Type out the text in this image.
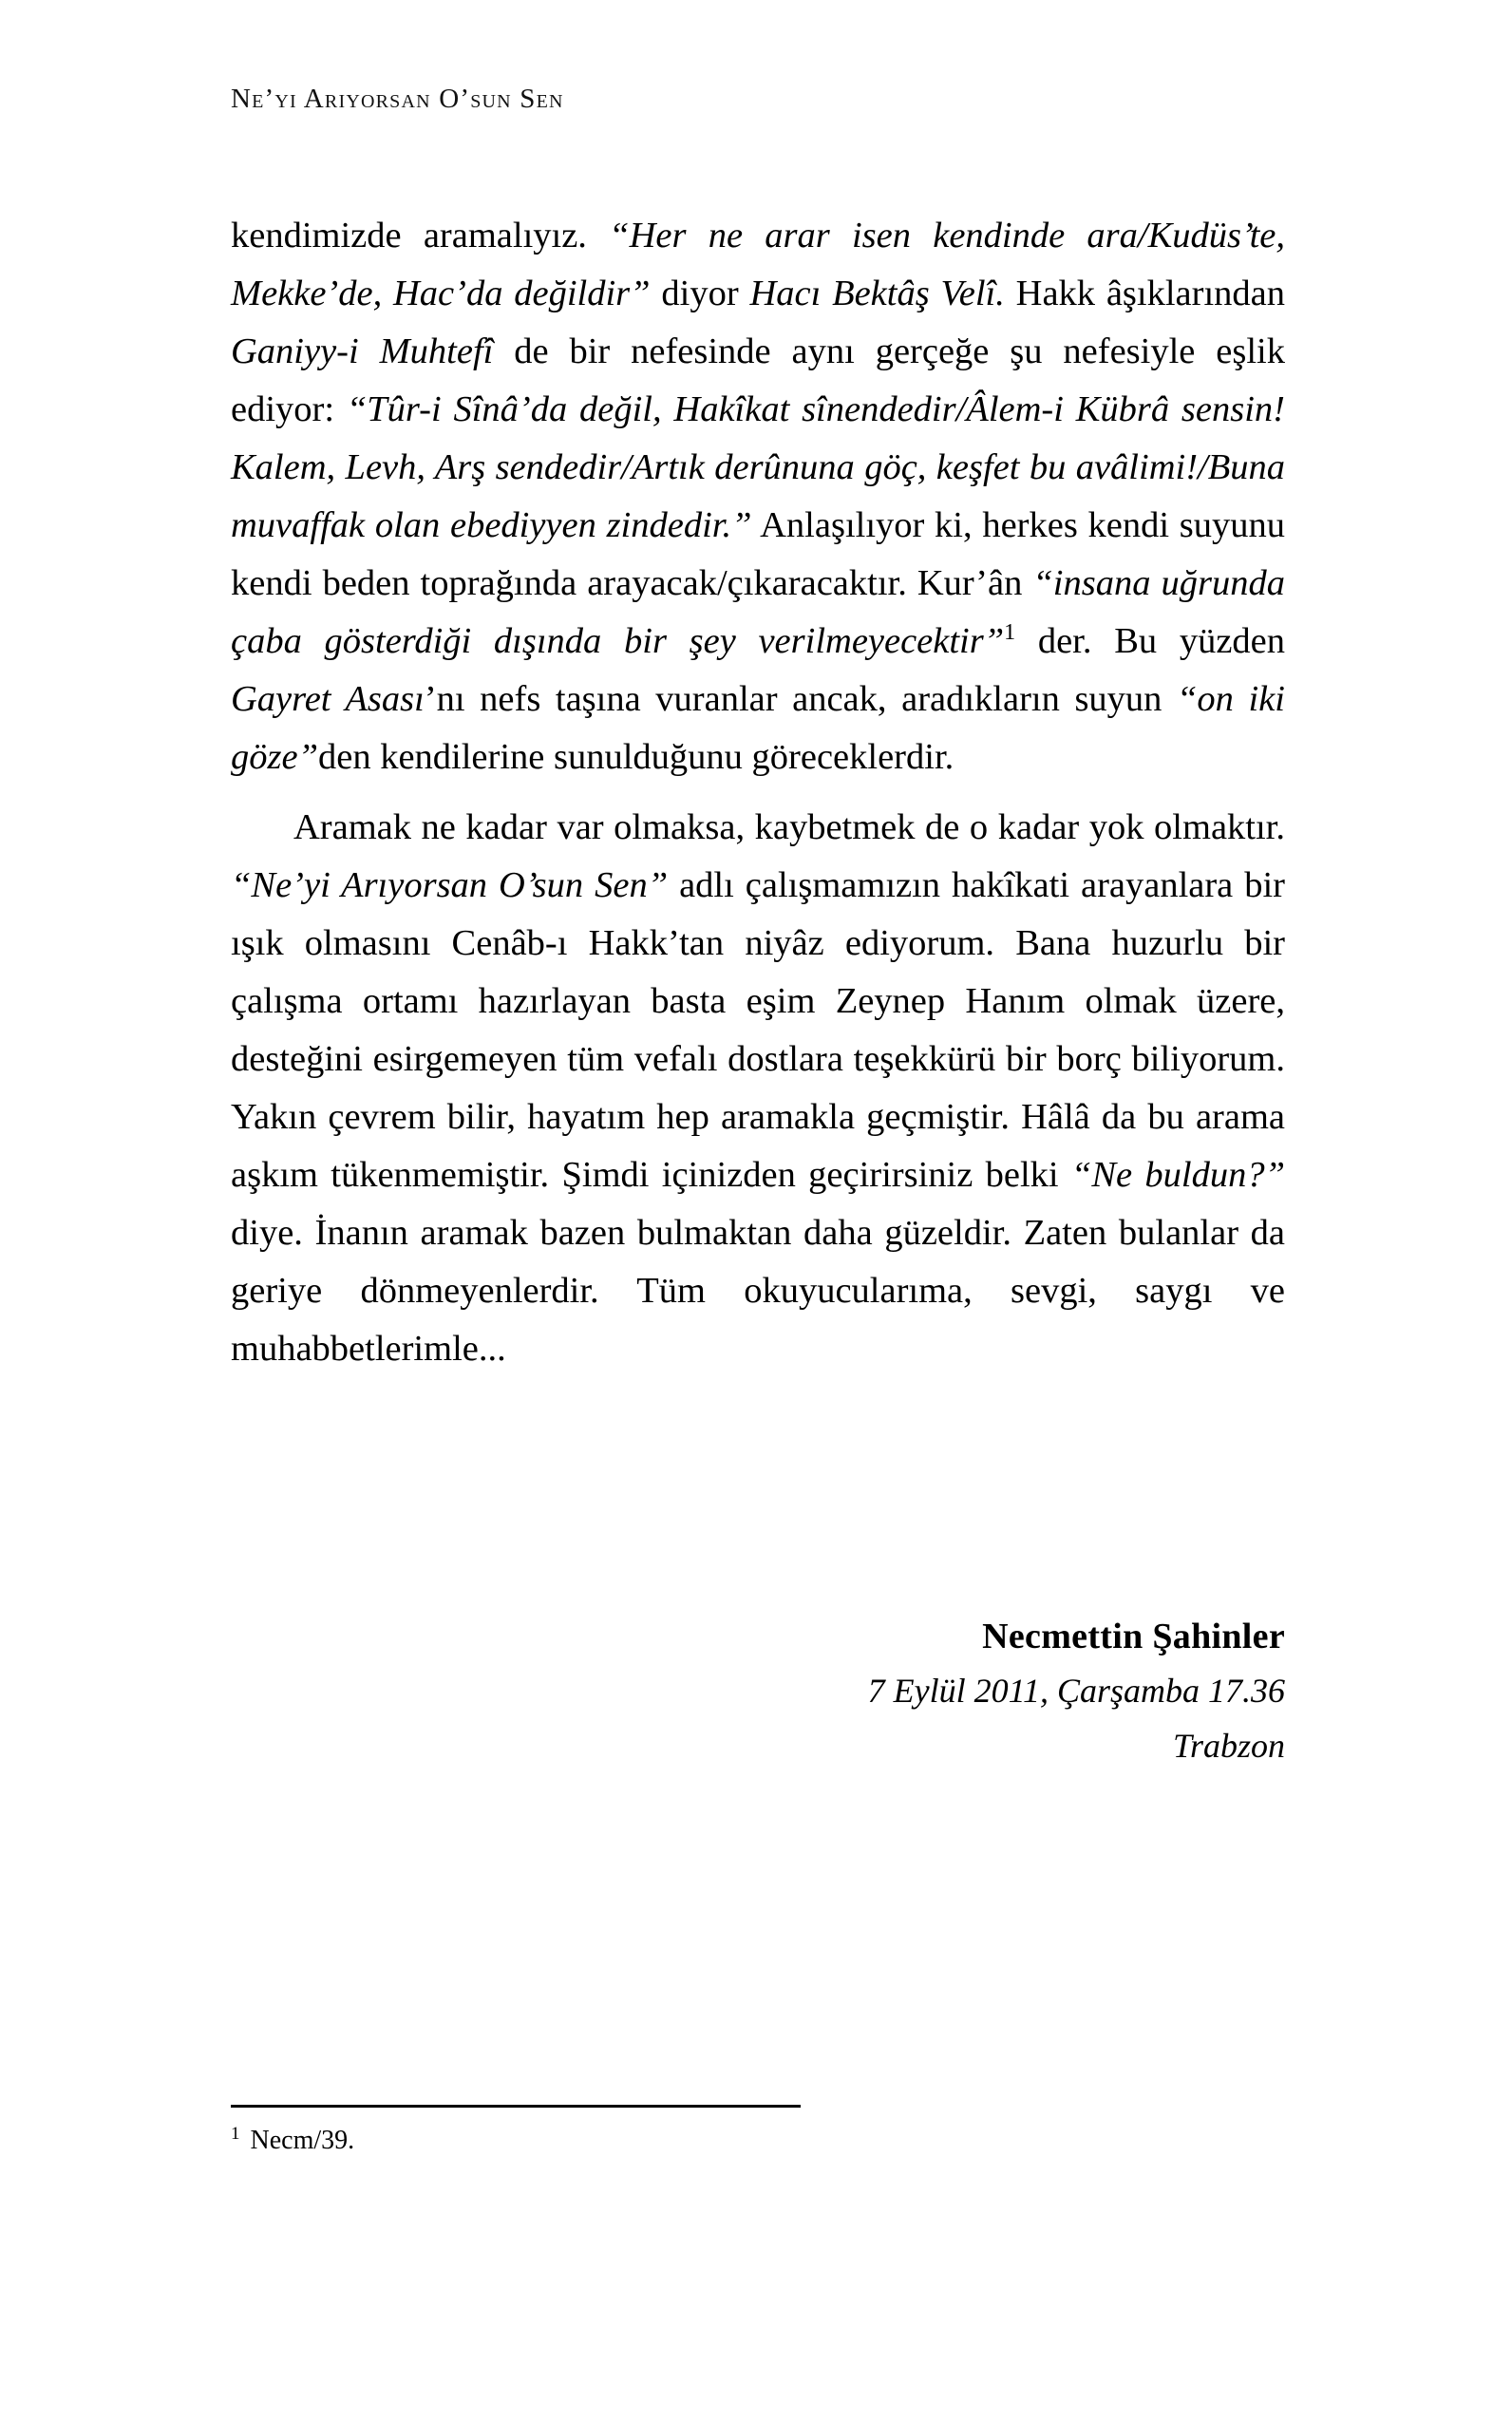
Ne’yi Arıyorsan O’sun Sen

kendimizde aramalıyız. “Her ne arar isen kendinde ara/Kudüs’te, Mekke’de, Hac’da değildir” diyor Hacı Bektâş Velî. Hakk âşıklarından Ganiyy-i Muhtefî de bir nefesinde aynı gerçeğe şu nefesiyle eşlik ediyor: “Tûr-i Sînâ’da değil, Hakîkat sînendedir/Âlem-i Kübrâ sensin! Kalem, Levh, Arş sendedir/Artık derûnuna göç, keşfet bu avâlimi!/Buna muvaffak olan ebediyyen zindedir.” Anlaşılıyor ki, herkes kendi suyunu kendi beden toprağında arayacak/çıkaracaktır. Kur’ân “insana uğrunda çaba gösterdiği dışında bir şey verilmeyecektir”$^1$ der. Bu yüzden Gayret Asası’nı nefs taşına vuranlar ancak, aradıkların suyun “on iki göze”den kendilerine sunulduğunu göreceklerdir.

Aramak ne kadar var olmaksa, kaybetmek de o kadar yok olmaktır. “Ne’yi Arıyorsan O’sun Sen” adlı çalışmamızın hakîkati arayanlara bir ışık olmasını Cenâb-ı Hakk’tan niyâz ediyorum. Bana huzurlu bir çalışma ortamı hazırlayan basta eşim Zeynep Hanım olmak üzere, desteğini esirgemeyen tüm vefalı dostlara teşekkürü bir borç biliyorum. Yakın çevrem bilir, hayatım hep aramakla geçmiştir. Hâlâ da bu arama aşkım tükenmemiştir. Şimdi içinizden geçirirsiniz belki “Ne buldun?” diye. İnanın aramak bazen bulmaktan daha güzeldir. Zaten bulanlar da geriye dönmeyenlerdir. Tüm okuyucularıma, sevgi, saygı ve muhabbetlerimle...

Necmettin Şahinler
7 Eylül 2011, Çarşamba 17.36
Trabzon
$^1$ Necm/39.
